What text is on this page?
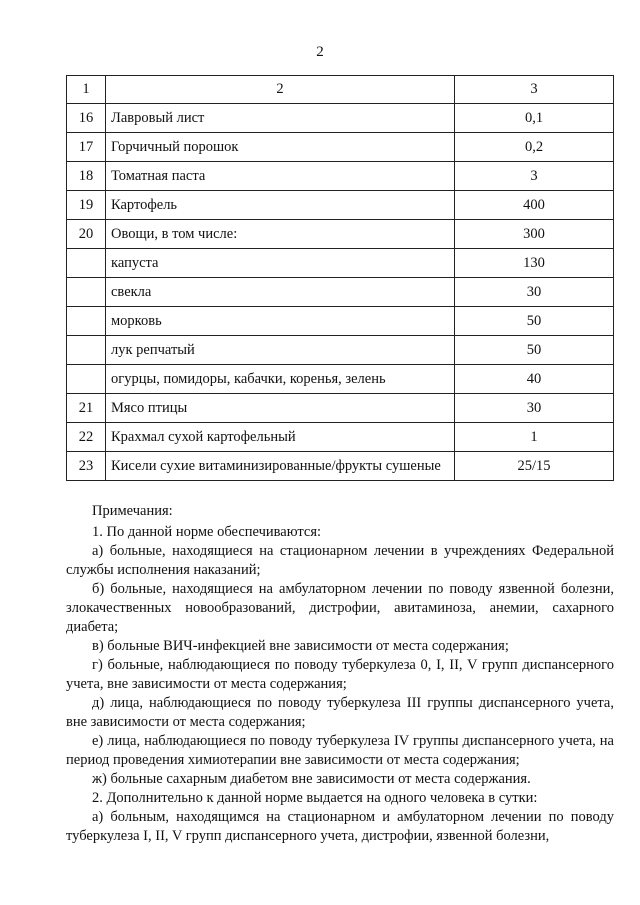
2
1	2	3
16	Лавровый лист	0,1
17	Горчичный порошок	0,2
18	Томатная паста	3
19	Картофель	400
20	Овощи, в том числе:	300
	капуста	130
	свекла	30
	морковь	50
	лук репчатый	50
	огурцы, помидоры, кабачки, коренья, зелень	40
21	Мясо птицы	30
22	Крахмал сухой картофельный	1
23	Кисели сухие витаминизированные/фрукты сушеные	25/15

Примечания:

1. По данной норме обеспечиваются:

а) больные, находящиеся на стационарном лечении в учреждениях Федеральной службы исполнения наказаний;

б) больные, находящиеся на амбулаторном лечении по поводу язвенной болезни, злокачественных новообразований, дистрофии, авитаминоза, анемии, сахарного диабета;

в) больные ВИЧ-инфекцией вне зависимости от места содержания;

г) больные, наблюдающиеся по поводу туберкулеза 0, I, II, V групп диспансерного учета, вне зависимости от места содержания;

д) лица, наблюдающиеся по поводу туберкулеза III группы диспансерного учета, вне зависимости от места содержания;

е) лица, наблюдающиеся по поводу туберкулеза IV группы диспансерного учета, на период проведения химиотерапии вне зависимости от места содержания;

ж) больные сахарным диабетом вне зависимости от места содержания.

2. Дополнительно к данной норме выдается на одного человека в сутки:

а) больным, находящимся на стационарном и амбулаторном лечении по поводу туберкулеза I, II, V групп диспансерного учета, дистрофии, язвенной болезни,
